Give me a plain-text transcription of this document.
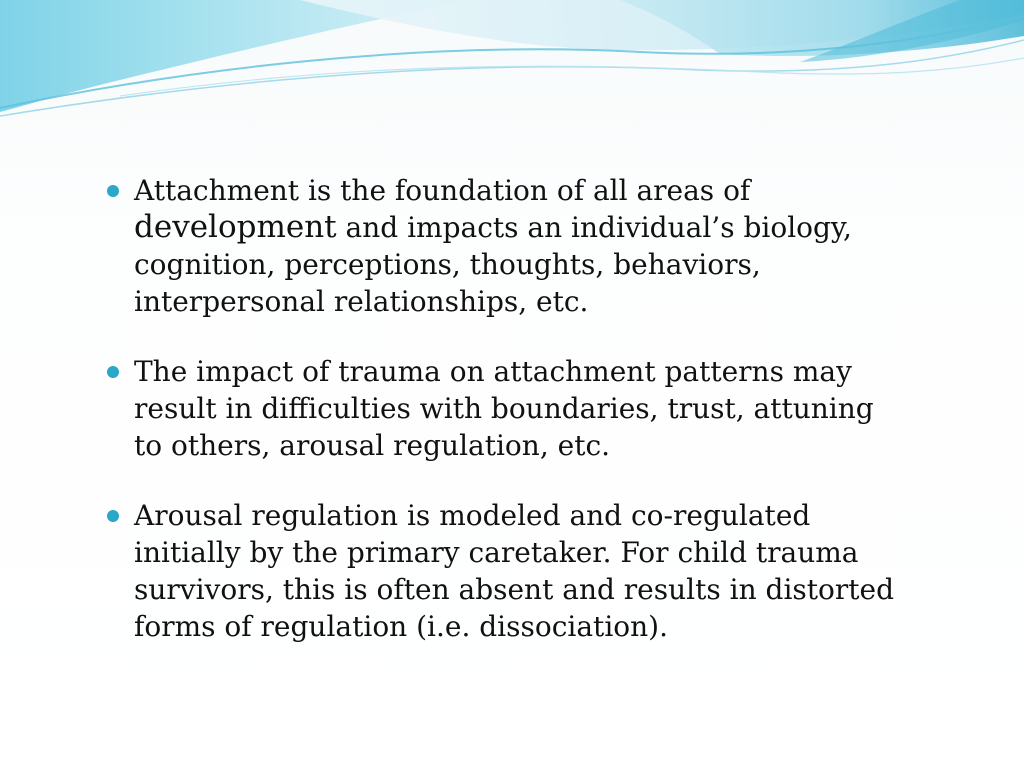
Attachment is the foundation of all areas of
development and impacts an individual’s biology, cognition, perceptions, thoughts, behaviors, interpersonal relationships, etc.
The impact of trauma on attachment patterns may result in difficulties with boundaries, trust, attuning to others, arousal regulation, etc.
Arousal regulation is modeled and co-regulated initially by the primary caretaker. For child trauma survivors, this is often absent and results in distorted forms of regulation (i.e. dissociation).
